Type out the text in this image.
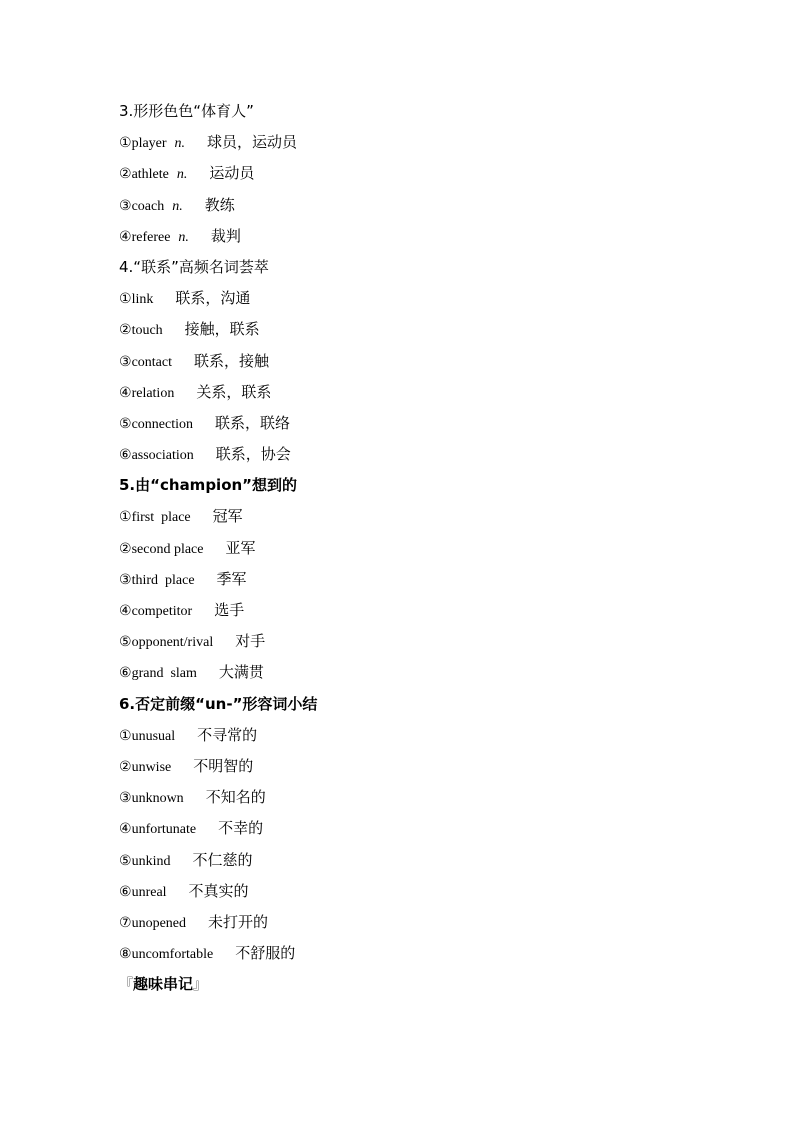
3.形形色色“体育人”
①player n. 球员，运动员
②athlete n. 运动员
③coach n. 教练
④referee n. 裁判
4.“联系”高频名词荟萃
①link 联系，沟通
②touch 接触，联系
③contact 联系，接触
④relation 关系，联系
⑤connection 联系，联络
⑥association 联系，协会
5.由“champion”想到的
①first  place 冠军
②second place 亚军
③third  place 季军
④competitor 选手
⑤opponent/rival 对手
⑥grand  slam 大满贯
6.否定前缀“un-”形容词小结
①unusual 不寻常的
②unwise 不明智的
③unknown 不知名的
④unfortunate 不幸的
⑤unkind 不仁慈的
⑥unreal 不真实的
⑦unopened 未打开的
⑧uncomfortable 不舒服的
『趣味串记』
